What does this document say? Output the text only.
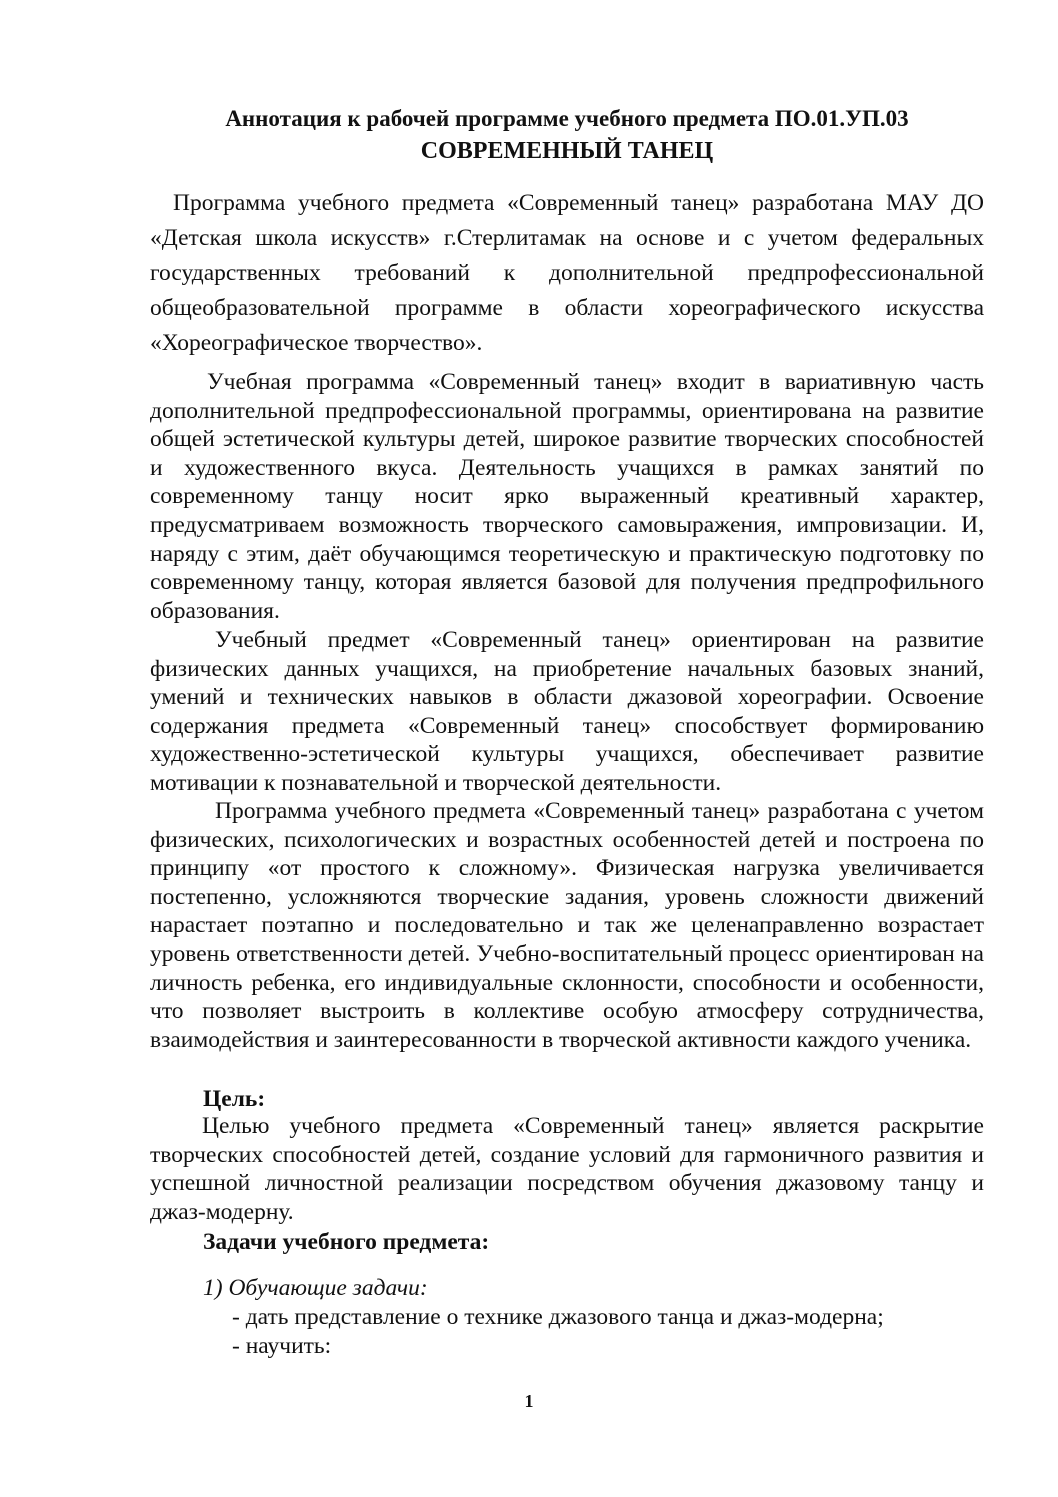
Аннотация к рабочей программе учебного предмета ПО.01.УП.03
СОВРЕМЕННЫЙ ТАНЕЦ

Программа учебного предмета «Современный танец» разработана МАУ ДО «Детская школа искусств» г.Стерлитамак на основе и с учетом федеральных государственных требований к дополнительной предпрофессиональной общеобразовательной программе в области хореографического искусства «Хореографическое творчество».

Учебная программа «Современный танец» входит в вариативную часть дополнительной предпрофессиональной программы, ориентирована на развитие общей эстетической культуры детей, широкое развитие творческих способностей и художественного вкуса. Деятельность учащихся в рамках занятий по современному танцу носит ярко выраженный креативный характер, предусматриваем возможность творческого самовыражения, импровизации. И, наряду с этим, даёт обучающимся теоретическую и практическую подготовку по современному танцу, которая является базовой для получения предпрофильного образования.

Учебный предмет «Современный танец» ориентирован на развитие физических данных учащихся, на приобретение начальных базовых знаний, умений и технических навыков в области джазовой хореографии. Освоение содержания предмета «Современный танец» способствует формированию художественно-эстетической культуры учащихся, обеспечивает развитие мотивации к познавательной и творческой деятельности.

Программа учебного предмета «Современный танец» разработана с учетом физических, психологических и возрастных особенностей детей и построена по принципу «от простого к сложному». Физическая нагрузка увеличивается постепенно, усложняются творческие задания, уровень сложности движений нарастает поэтапно и последовательно и так же целенаправленно возрастает уровень ответственности детей. Учебно-воспитательный процесс ориентирован на личность ребенка, его индивидуальные склонности, способности и особенности, что позволяет выстроить в коллективе особую атмосферу сотрудничества, взаимодействия и заинтересованности в творческой активности каждого ученика.

Цель:

Целью учебного предмета «Современный танец» является раскрытие творческих способностей детей, создание условий для гармоничного развития и успешной личностной реализации посредством обучения джазовому танцу и джаз-модерну.

Задачи учебного предмета:

1) Обучающие задачи:

- дать представление о технике джазового танца и джаз-модерна;

- научить:

1
